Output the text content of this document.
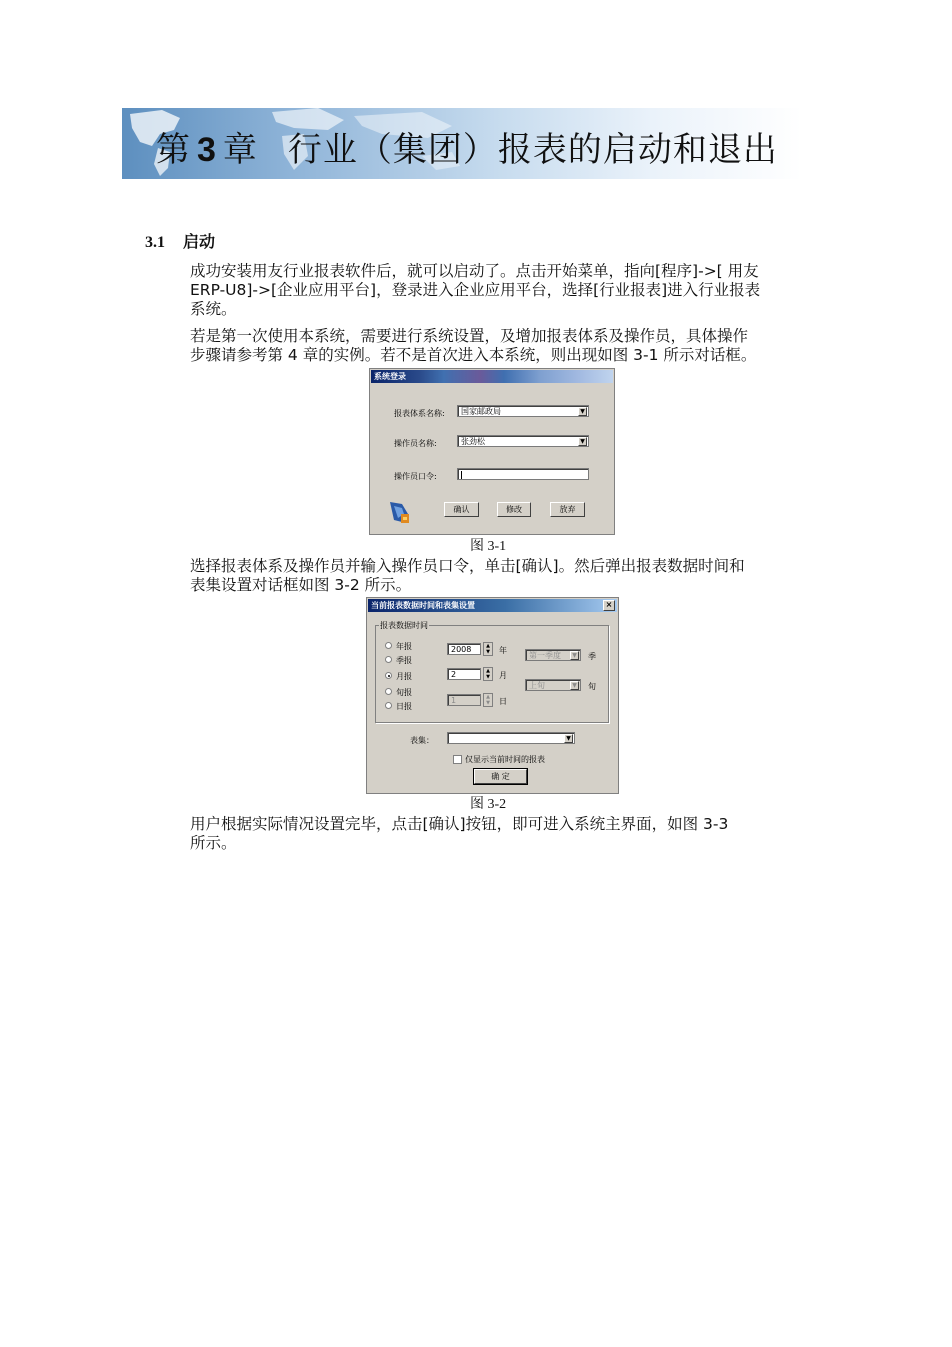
第 3 章 行业（集团）报表的启动和退出
3.1 启动
成功安装用友行业报表软件后，就可以启动了。点击开始菜单，指向[程序]->[ 用友
ERP-U8]->[企业应用平台]，登录进入企业应用平台，选择[行业报表]进入行业报表
系统。
若是第一次使用本系统，需要进行系统设置，及增加报表体系及操作员，具体操作
步骤请参考第 4 章的实例。若不是首次进入本系统，则出现如图 3-1 所示对话框。
系统登录
报表体系名称:	国家邮政局	▼
操作员名称:	张劲松	▼
操作员口令:
确认	修改	放弃
图 3-1
选择报表体系及操作员并输入操作员口令，单击[确认]。然后弹出报表数据时间和
表集设置对话框如图 3-2 所示。
当前报表数据时间和表集设置	×
报表数据时间
年报
季报
月报
旬报
日报
2008	▲
▼	年
2	▲
▼	月
1	▲
▼	日
第一季度	▼ 季
上旬	▼ 旬
表集：	▼
仅显示当前时间的报表
确 定
图 3-2
用户根据实际情况设置完毕，点击[确认]按钮，即可进入系统主界面，如图 3-3
所示。
